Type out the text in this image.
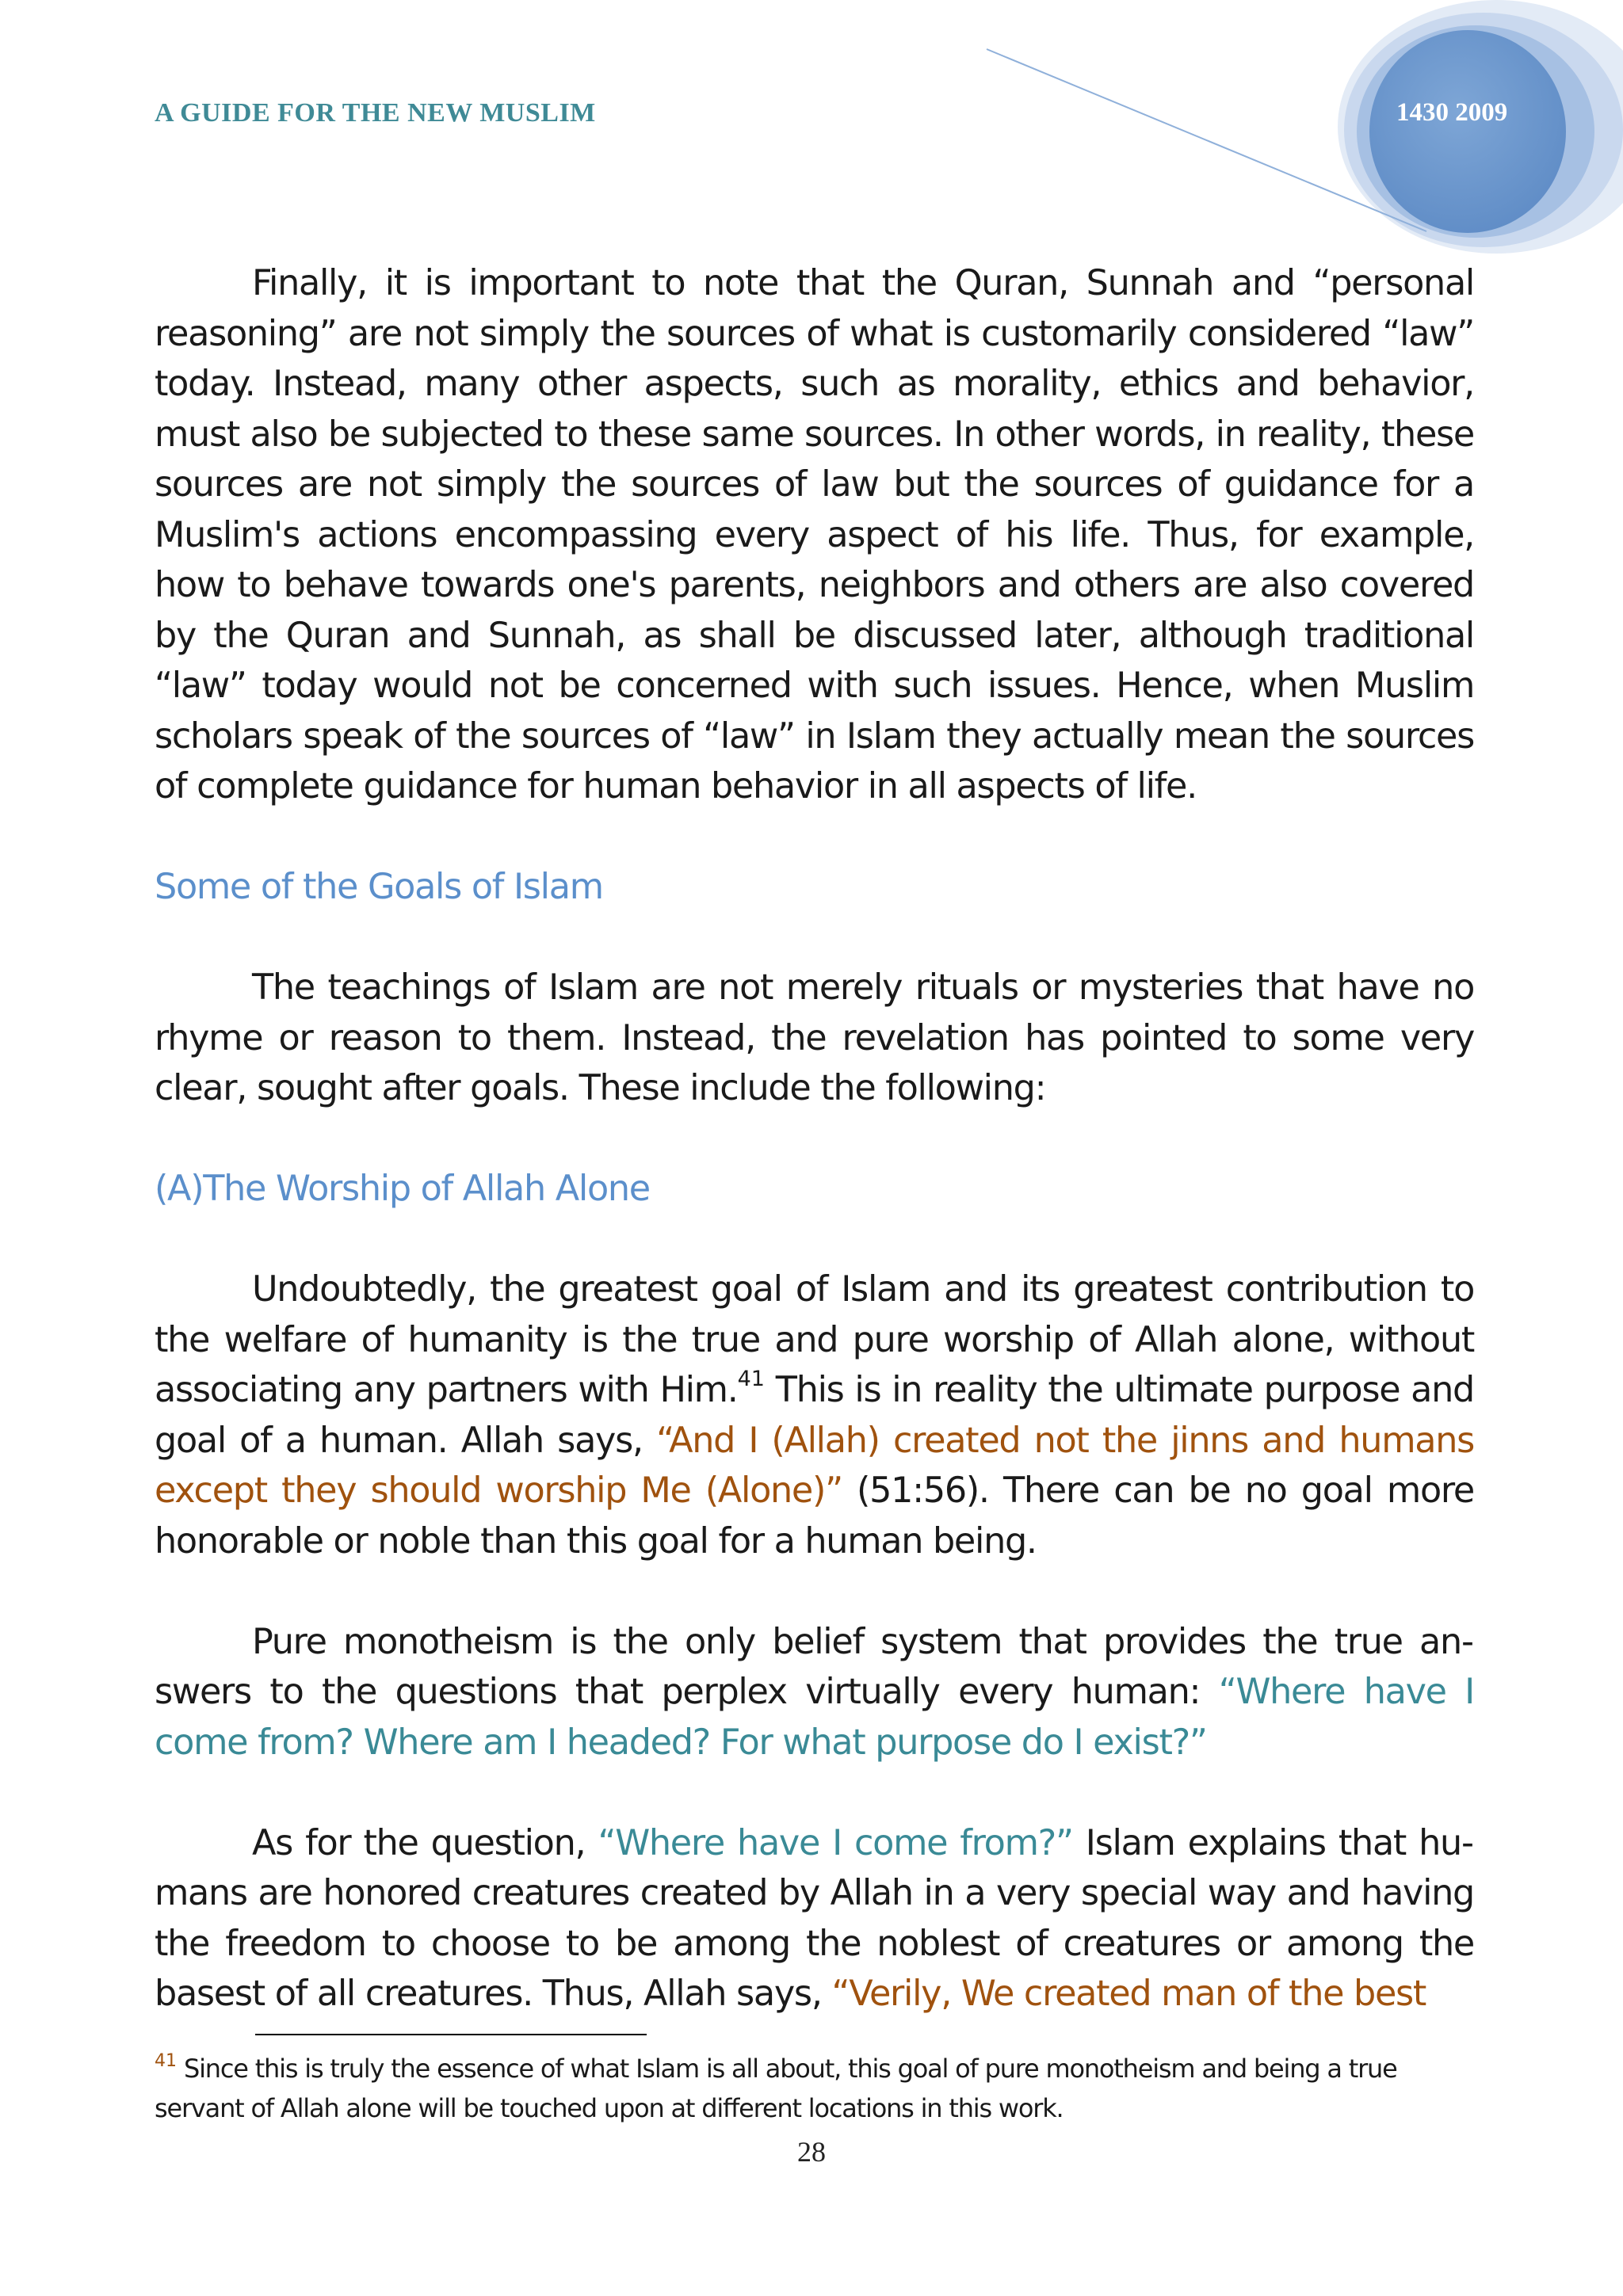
A GUIDE FOR THE NEW MUSLIM	1430 2009

Finally, it is important to note that the Quran, Sunnah and “personal reasoning” are not simply the sources of what is customarily considered “law” today. Instead, many other aspects, such as morality, ethics and behavior, must also be subjected to these same sources. In other words, in reality, these sources are not simply the sources of law but the sources of guidance for a Muslim's actions encompassing every aspect of his life. Thus, for example, how to behave towards one's parents, neighbors and others are also covered by the Quran and Sunnah, as shall be discussed later, although traditional “law” today would not be concerned with such issues. Hence, when Muslim scholars speak of the sources of “law” in Islam they actually mean the sources of complete guidance for human behavior in all aspects of life.

Some of the Goals of Islam

The teachings of Islam are not merely rituals or mysteries that have no rhyme or reason to them. Instead, the revelation has pointed to some very clear, sought after goals. These include the following:

(A)The Worship of Allah Alone

Undoubtedly, the greatest goal of Islam and its greatest contribution to the welfare of humanity is the true and pure worship of Allah alone, without associating any partners with Him.$^{41}$ This is in reality the ultimate purpose and goal of a human. Allah says, “And I (Allah) created not the jinns and humans except they should worship Me (Alone)” (51:56). There can be no goal more honorable or noble than this goal for a human being.

Pure monotheism is the only belief system that provides the true answers to the questions that perplex virtually every human: “Where have I come from? Where am I headed? For what purpose do I exist?”

As for the question, “Where have I come from?” Islam explains that humans are honored creatures created by Allah in a very special way and having the freedom to choose to be among the noblest of creatures or among the basest of all creatures. Thus, Allah says, “Verily, We created man of the best

$^{41}$ Since this is truly the essence of what Islam is all about, this goal of pure monotheism and being a true servant of Allah alone will be touched upon at different locations in this work.

28
